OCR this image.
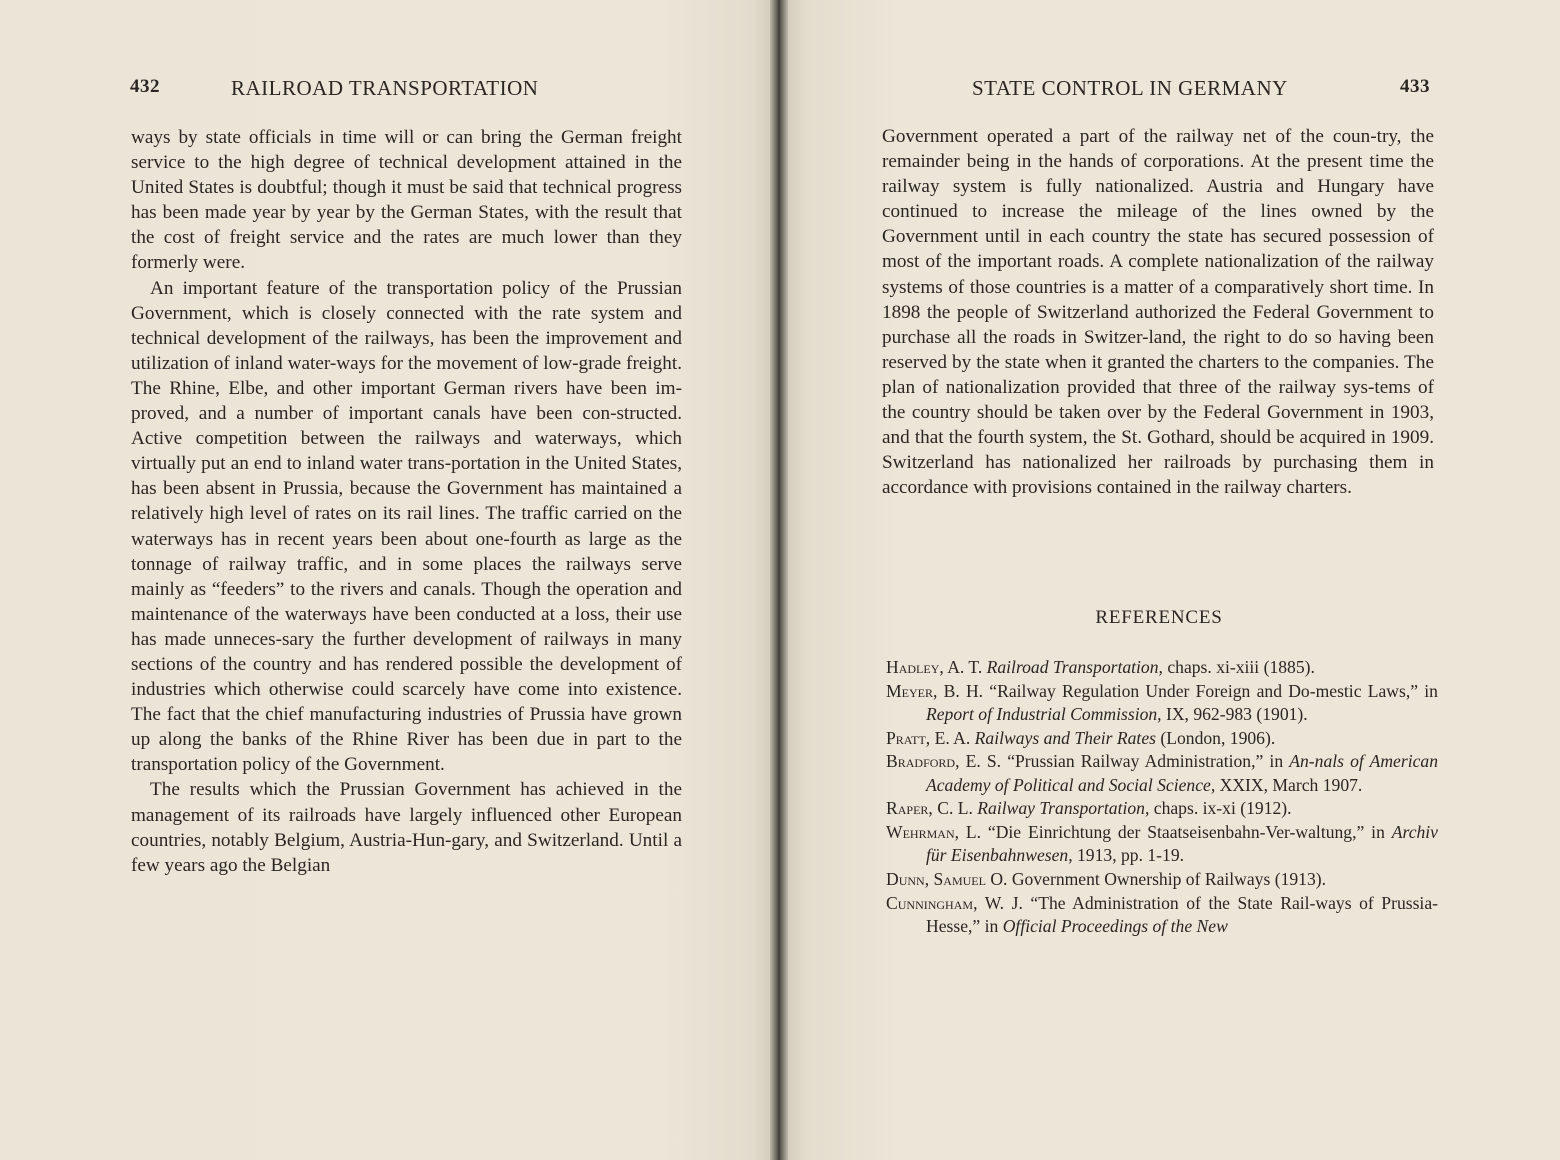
432	RAILROAD TRANSPORTATION

ways by state officials in time will or can bring the German freight service to the high degree of technical development attained in the United States is doubtful; though it must be said that technical progress has been made year by year by the German States, with the result that the cost of freight service and the rates are much lower than they formerly were.

An important feature of the transportation policy of the Prussian Government, which is closely connected with the rate system and technical development of the railways, has been the improvement and utilization of inland water-ways for the movement of low-grade freight. The Rhine, Elbe, and other important German rivers have been im-proved, and a number of important canals have been con-structed. Active competition between the railways and waterways, which virtually put an end to inland water trans-portation in the United States, has been absent in Prussia, because the Government has maintained a relatively high level of rates on its rail lines. The traffic carried on the waterways has in recent years been about one-fourth as large as the tonnage of railway traffic, and in some places the railways serve mainly as “feeders” to the rivers and canals. Though the operation and maintenance of the waterways have been conducted at a loss, their use has made unneces-sary the further development of railways in many sections of the country and has rendered possible the development of industries which otherwise could scarcely have come into existence. The fact that the chief manufacturing industries of Prussia have grown up along the banks of the Rhine River has been due in part to the transportation policy of the Government.

The results which the Prussian Government has achieved in the management of its railroads have largely influenced other European countries, notably Belgium, Austria-Hun-gary, and Switzerland. Until a few years ago the Belgian

STATE CONTROL IN GERMANY	433

Government operated a part of the railway net of the coun-try, the remainder being in the hands of corporations. At the present time the railway system is fully nationalized. Austria and Hungary have continued to increase the mileage of the lines owned by the Government until in each country the state has secured possession of most of the important roads. A complete nationalization of the railway systems of those countries is a matter of a comparatively short time. In 1898 the people of Switzerland authorized the Federal Government to purchase all the roads in Switzer-land, the right to do so having been reserved by the state when it granted the charters to the companies. The plan of nationalization provided that three of the railway sys-tems of the country should be taken over by the Federal Government in 1903, and that the fourth system, the St. Gothard, should be acquired in 1909. Switzerland has nationalized her railroads by purchasing them in accordance with provisions contained in the railway charters.

REFERENCES

Hadley, A. T. Railroad Transportation, chaps. xi-xiii (1885).

Meyer, B. H. “Railway Regulation Under Foreign and Do-mestic Laws,” in Report of Industrial Commission, IX, 962-983 (1901).

Pratt, E. A. Railways and Their Rates (London, 1906).

Bradford, E. S. “Prussian Railway Administration,” in An-nals of American Academy of Political and Social Science, XXIX, March 1907.

Raper, C. L. Railway Transportation, chaps. ix-xi (1912).

Wehrman, L. “Die Einrichtung der Staatseisenbahn-Ver-waltung,” in Archiv für Eisenbahnwesen, 1913, pp. 1-19.

Dunn, Samuel O. Government Ownership of Railways (1913).

Cunningham, W. J. “The Administration of the State Rail-ways of Prussia-Hesse,” in Official Proceedings of the New
